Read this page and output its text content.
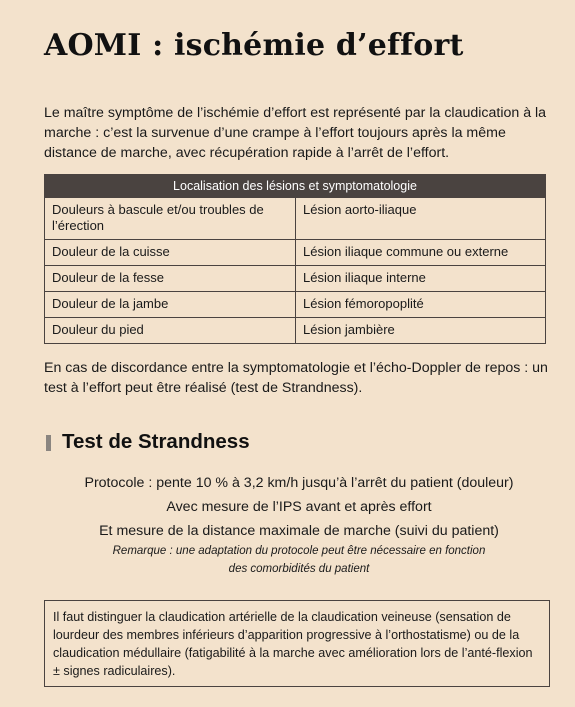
AOMI : ischémie d’effort
Le maître symptôme de l’ischémie d’effort est représenté par la claudication à la marche : c’est la survenue d’une crampe à l’effort toujours après la même distance de marche, avec récupération rapide à l’arrêt de l’effort.
Localisation des lésions et symptomatologie	
Douleurs à bascule et/ou troubles de l’érection	Lésion aorto-iliaque
Douleur de la cuisse	Lésion iliaque commune ou externe
Douleur de la fesse	Lésion iliaque interne
Douleur de la jambe	Lésion fémoropoplité
Douleur du pied	Lésion jambière
En cas de discordance entre la symptomatologie et l’écho-Doppler de repos : un test à l’effort peut être réalisé (test de Strandness).
Test de Strandness
Protocole : pente 10 % à 3,2 km/h jusqu’à l’arrêt du patient (douleur)
Avec mesure de l’IPS avant et après effort
Et mesure de la distance maximale de marche (suivi du patient)
Remarque : une adaptation du protocole peut être nécessaire en fonction
des comorbidités du patient
Il faut distinguer la claudication artérielle de la claudication veineuse (sensation de lourdeur des membres inférieurs d’apparition progressive à l’orthostatisme) ou de la claudication médullaire (fatigabilité à la marche avec amélioration lors de l’anté-flexion ± signes radiculaires).
